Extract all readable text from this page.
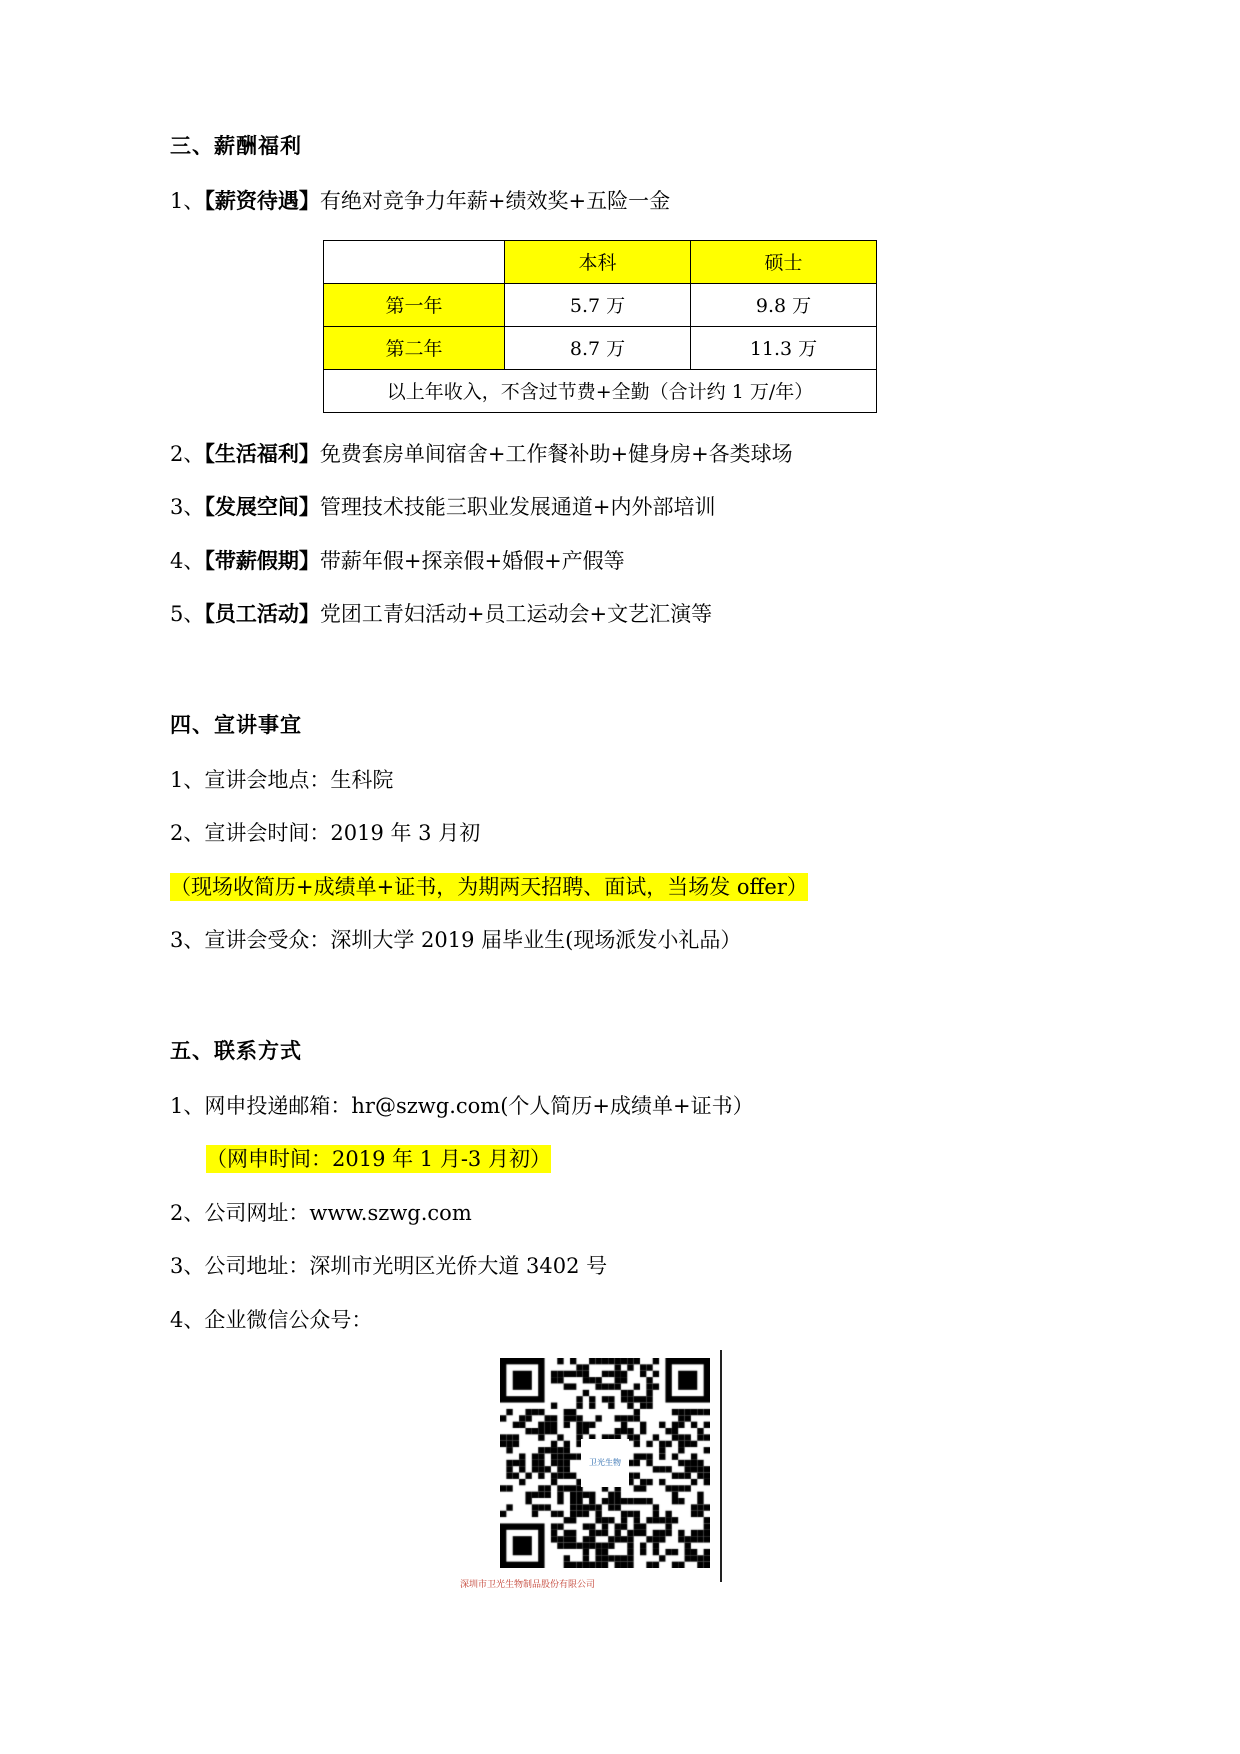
三、薪酬福利

1、【薪资待遇】有绝对竞争力年薪+绩效奖+五险一金

	本科	硕士
第一年	5.7 万	9.8 万
第二年	8.7 万	11.3 万
以上年收入，不含过节费+全勤（合计约 1 万/年）		

2、【生活福利】免费套房单间宿舍+工作餐补助+健身房+各类球场

3、【发展空间】管理技术技能三职业发展通道+内外部培训

4、【带薪假期】带薪年假+探亲假+婚假+产假等

5、【员工活动】党团工青妇活动+员工运动会+文艺汇演等

四、宣讲事宜

1、宣讲会地点：生科院

2、宣讲会时间：2019 年 3 月初

（现场收简历+成绩单+证书，为期两天招聘、面试，当场发 offer）

3、宣讲会受众：深圳大学 2019 届毕业生(现场派发小礼品）

五、联系方式

1、网申投递邮箱：hr@szwg.com(个人简历+成绩单+证书）

（网申时间：2019 年 1 月-3 月初）

2、公司网址：www.szwg.com

3、公司地址：深圳市光明区光侨大道 3402 号

4、企业微信公众号：

卫光生物
深圳市卫光生物制品股份有限公司
